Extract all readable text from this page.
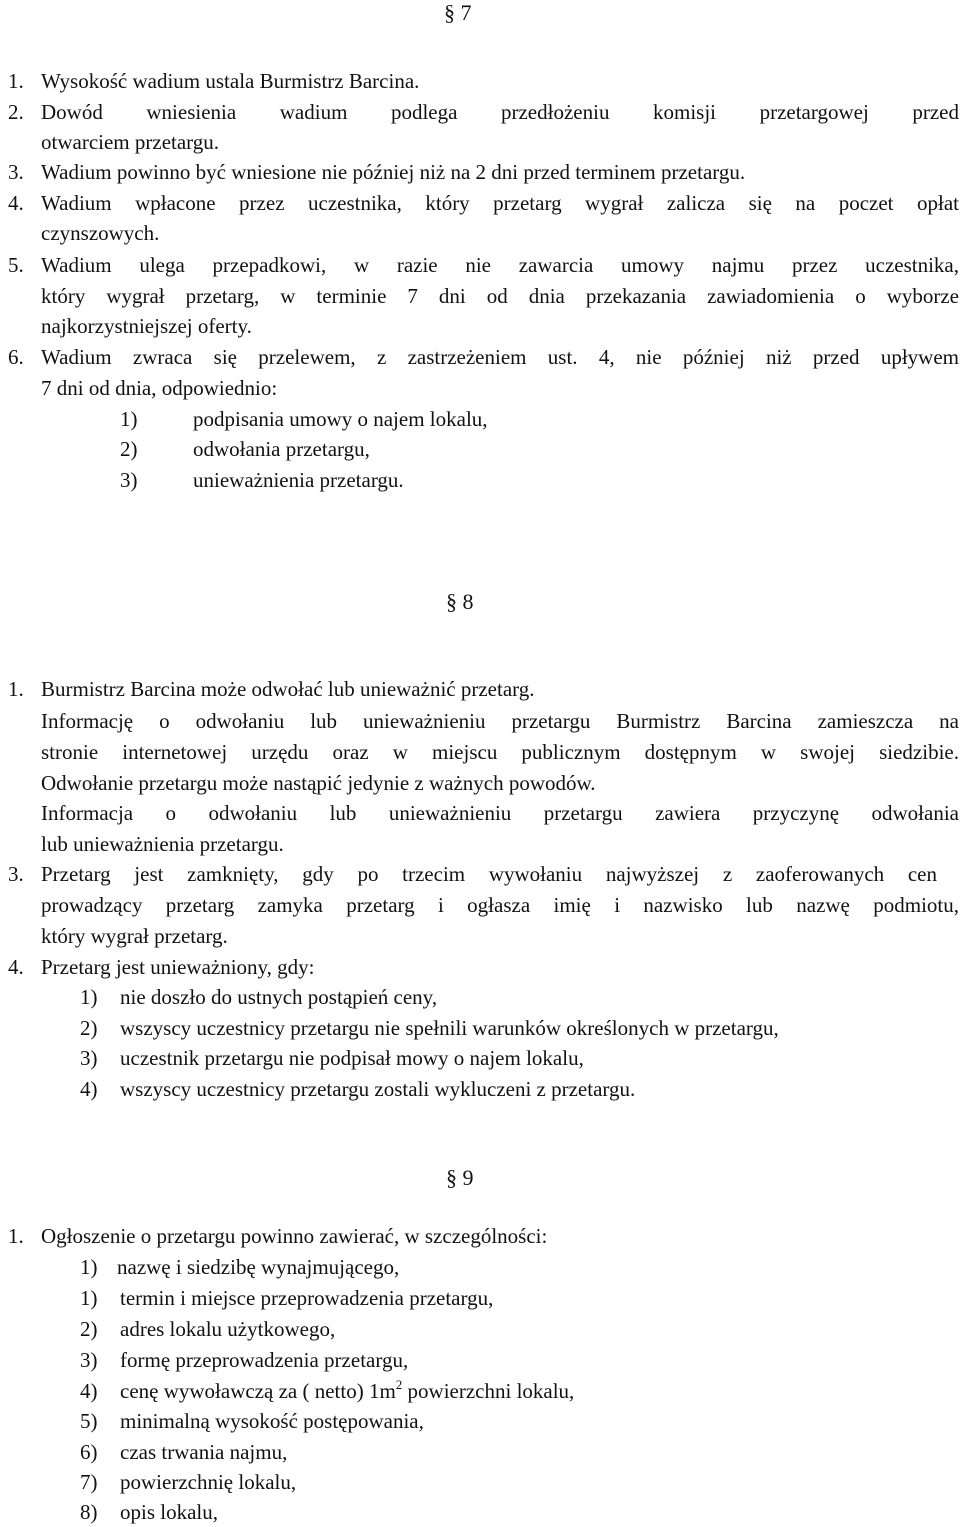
§ 7
1. Wysokość wadium ustala Burmistrz Barcina.
2. Dowód wniesienia wadium podlega przedłożeniu komisji przetargowej przed
otwarciem przetargu.
3. Wadium powinno być wniesione nie później niż na 2 dni przed terminem przetargu.
4. Wadium wpłacone przez uczestnika, który przetarg wygrał zalicza się na poczet opłat
czynszowych.
5. Wadium ulega przepadkowi, w razie nie zawarcia umowy najmu przez uczestnika,
który wygrał przetarg, w terminie 7 dni od dnia przekazania zawiadomienia o wyborze
najkorzystniejszej oferty.
6. Wadium zwraca się przelewem, z zastrzeżeniem ust. 4, nie później niż przed upływem
7 dni od dnia, odpowiednio:
1)	podpisania umowy o najem lokalu,
2)	odwołania przetargu,
3)	unieważnienia przetargu.
§ 8
1. Burmistrz Barcina może odwołać lub unieważnić przetarg.
Informację o odwołaniu lub unieważnieniu przetargu Burmistrz Barcina zamieszcza na
stronie internetowej urzędu oraz w miejscu publicznym dostępnym w swojej siedzibie.
Odwołanie przetargu może nastąpić jedynie z ważnych powodów.
Informacja o odwołaniu lub unieważnieniu przetargu zawiera przyczynę odwołania
lub unieważnienia przetargu.
3. Przetarg jest zamknięty, gdy po trzecim wywołaniu najwyższej z zaoferowanych cen
prowadzący przetarg zamyka przetarg i ogłasza imię i nazwisko lub nazwę podmiotu,
który wygrał przetarg.
4. Przetarg jest unieważniony, gdy:
1) nie doszło do ustnych postąpień ceny,
2) wszyscy uczestnicy przetargu nie spełnili warunków określonych w przetargu,
3) uczestnik przetargu nie podpisał mowy o najem lokalu,
4) wszyscy uczestnicy przetargu zostali wykluczeni z przetargu.
§ 9
1. Ogłoszenie o przetargu powinno zawierać, w szczególności:
1) nazwę i siedzibę wynajmującego,
1) termin i miejsce przeprowadzenia przetargu,
2) adres lokalu użytkowego,
3) formę przeprowadzenia przetargu,
4) cenę wywoławczą za ( netto) $1m^2$ powierzchni lokalu,
5) minimalną wysokość postępowania,
6) czas trwania najmu,
7) powierzchnię lokalu,
8) opis lokalu,
